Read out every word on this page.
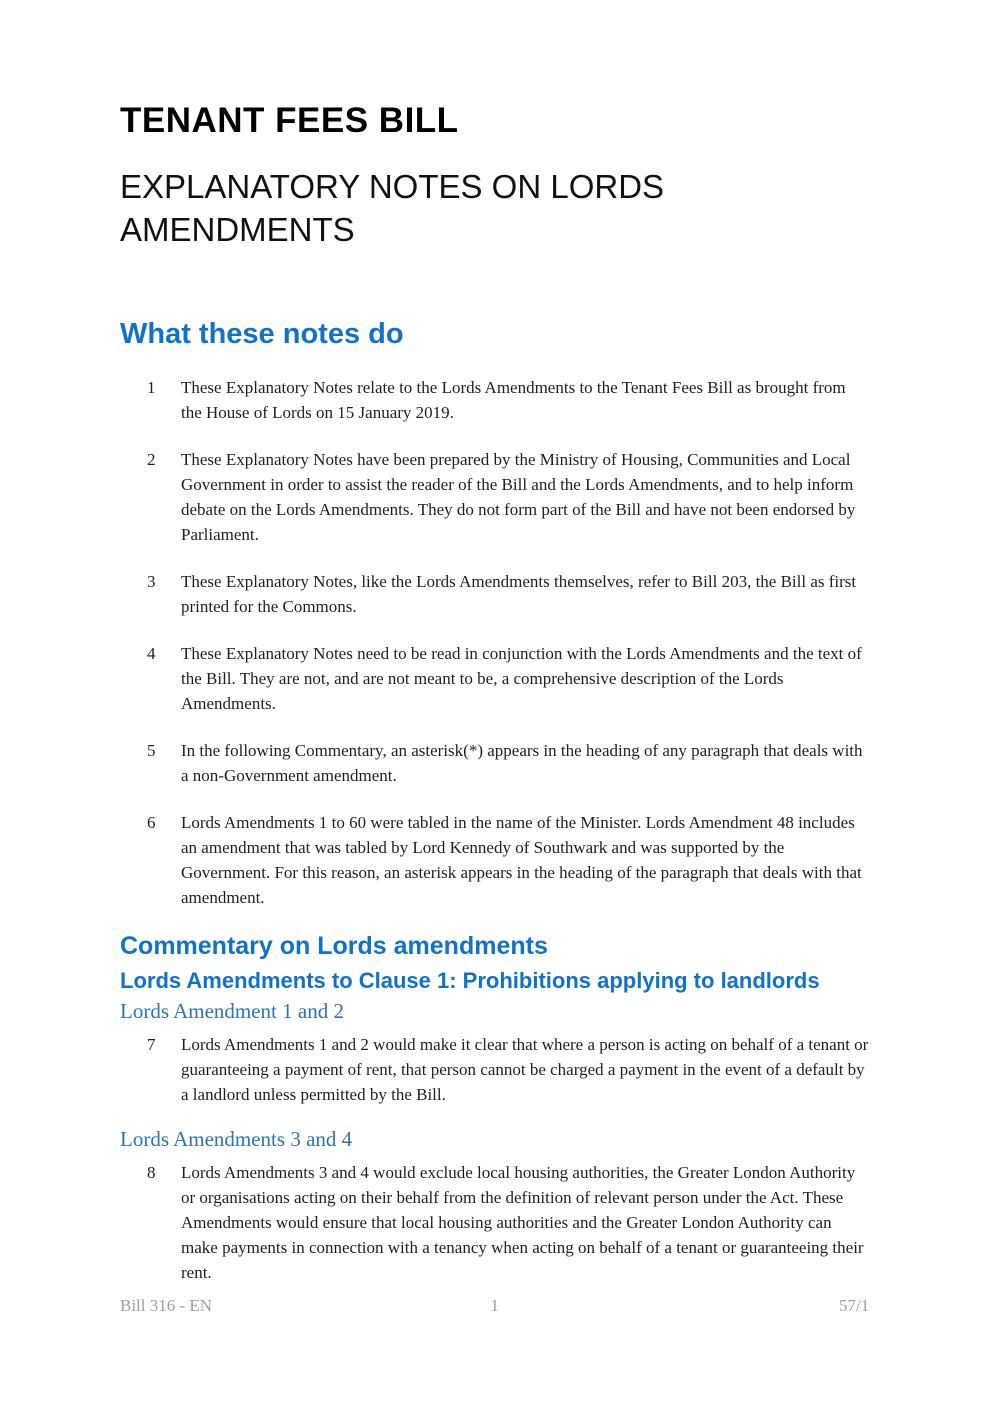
TENANT FEES BILL
EXPLANATORY NOTES ON LORDS AMENDMENTS
What these notes do
1	These Explanatory Notes relate to the Lords Amendments to the Tenant Fees Bill as brought from the House of Lords on 15 January 2019.
2	These Explanatory Notes have been prepared by the Ministry of Housing, Communities and Local Government in order to assist the reader of the Bill and the Lords Amendments, and to help inform debate on the Lords Amendments. They do not form part of the Bill and have not been endorsed by Parliament.
3	These Explanatory Notes, like the Lords Amendments themselves, refer to Bill 203, the Bill as first printed for the Commons.
4	These Explanatory Notes need to be read in conjunction with the Lords Amendments and the text of the Bill. They are not, and are not meant to be, a comprehensive description of the Lords Amendments.
5	In the following Commentary, an asterisk(*) appears in the heading of any paragraph that deals with a non-Government amendment.
6	Lords Amendments 1 to 60 were tabled in the name of the Minister. Lords Amendment 48 includes an amendment that was tabled by Lord Kennedy of Southwark and was supported by the Government. For this reason, an asterisk appears in the heading of the paragraph that deals with that amendment.
Commentary on Lords amendments
Lords Amendments to Clause 1: Prohibitions applying to landlords
Lords Amendment 1 and 2
7	Lords Amendments 1 and 2 would make it clear that where a person is acting on behalf of a tenant or guaranteeing a payment of rent, that person cannot be charged a payment in the event of a default by a landlord unless permitted by the Bill.
Lords Amendments 3 and 4
8	Lords Amendments 3 and 4 would exclude local housing authorities, the Greater London Authority or organisations acting on their behalf from the definition of relevant person under the Act. These Amendments would ensure that local housing authorities and the Greater London Authority can make payments in connection with a tenancy when acting on behalf of a tenant or guaranteeing their rent.
Bill 316 - EN	1	57/1
